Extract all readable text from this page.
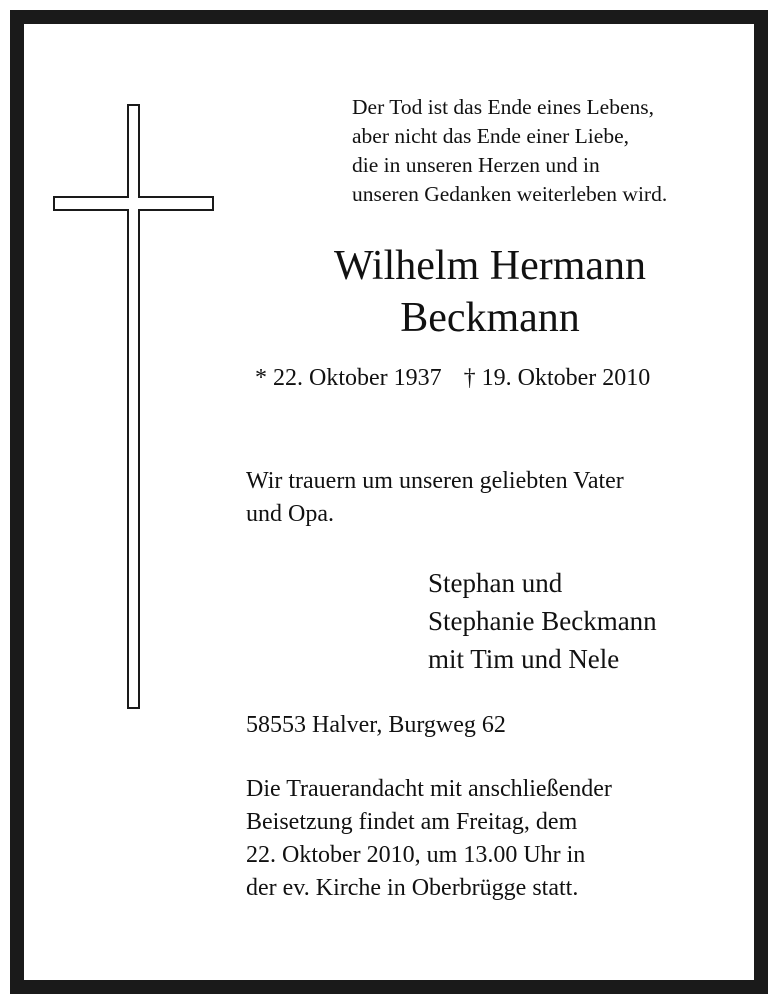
Der Tod ist das Ende eines Lebens,
aber nicht das Ende einer Liebe,
die in unseren Herzen und in
unseren Gedanken weiterleben wird.
Wilhelm Hermann
Beckmann
* 22. Oktober 1937 † 19. Oktober 2010
Wir trauern um unseren geliebten Vater
und Opa.
Stephan und
Stephanie Beckmann
mit Tim und Nele
58553 Halver, Burgweg 62
Die Trauerandacht mit anschließender
Beisetzung findet am Freitag, dem
22. Oktober 2010, um 13.00 Uhr in
der ev. Kirche in Oberbrügge statt.
